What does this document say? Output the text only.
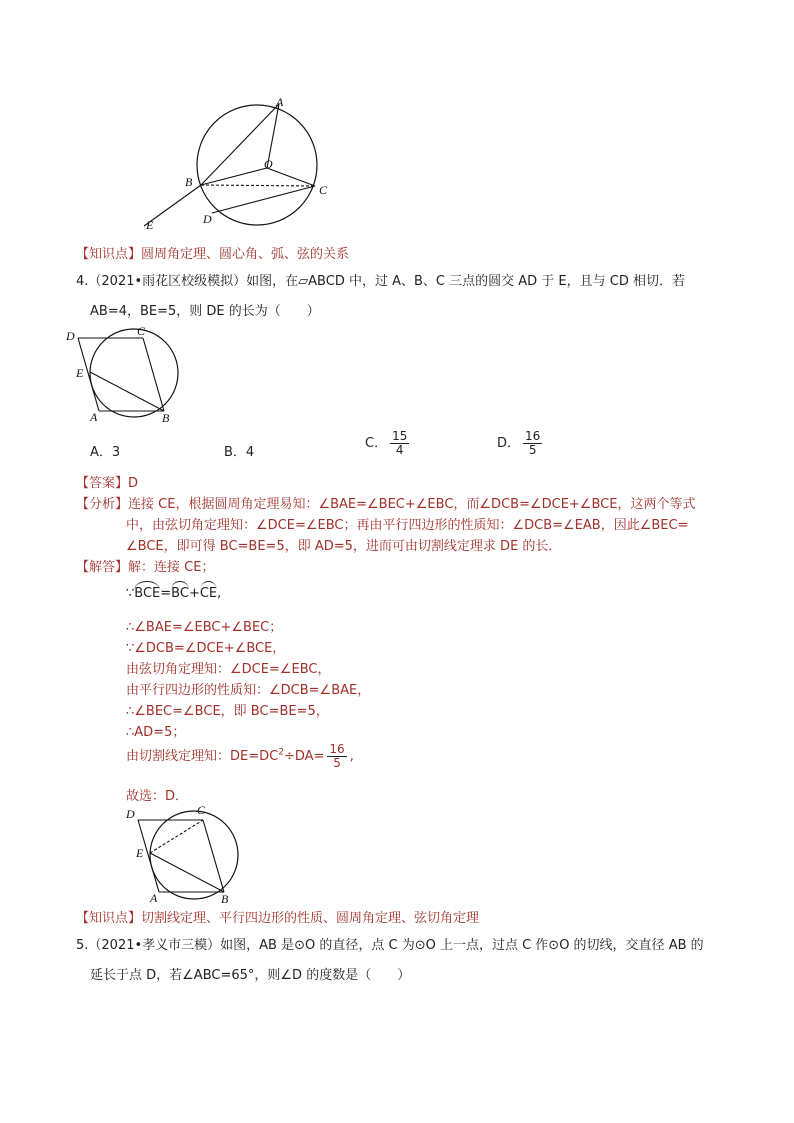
A
O
B
C
E	D
【知识点】圆周角定理、圆心角、弧、弦的关系
4.（2021•雨花区校级模拟）如图，在▱ABCD 中，过 A、B、C 三点的圆交 AD 于 E，且与 CD 相切．若
AB=4，BE=5，则 DE 的长为（　　）
D	C
E
A	B
A．3	B．4
C． $\frac{15}{4}$	D． $\frac{16}{5}$
【答案】D
【分析】连接 CE，根据圆周角定理易知：∠BAE=∠BEC+∠EBC，而∠DCB=∠DCE+∠BCE，这两个等式
中，由弦切角定理知：∠DCE=∠EBC；再由平行四边形的性质知：∠DCB=∠EAB，因此∠BEC=
∠BCE，即可得 BC=BE=5，即 AD=5，进而可由切割线定理求 DE 的长．
【解答】解：连接 CE；
∵BCE=BC+CE,
∴∠BAE=∠EBC+∠BEC；
∵∠DCB=∠DCE+∠BCE，
由弦切角定理知：∠DCE=∠EBC，
由平行四边形的性质知：∠DCB=∠BAE，
∴∠BEC=∠BCE，即 BC=BE=5，
∴AD=5；
由切割线定理知：$DE=DC^2\div DA= \frac{16}{5}$ ,
故选：D．
D	C
E
A	B
【知识点】切割线定理、平行四边形的性质、圆周角定理、弦切角定理
5.（2021•孝义市三模）如图，AB 是⊙O 的直径，点 C 为⊙O 上一点，过点 C 作⊙O 的切线，交直径 AB 的
延长于点 D，若∠ABC=65°，则∠D 的度数是（　　）
